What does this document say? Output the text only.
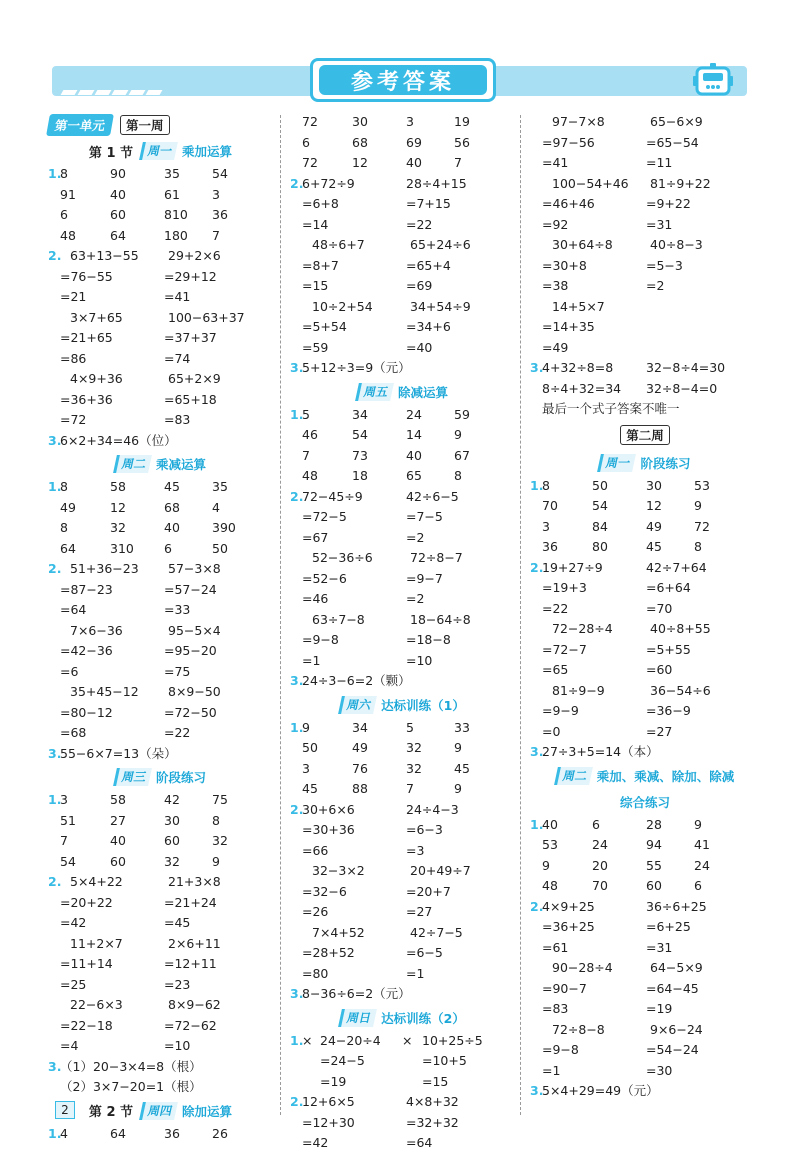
参考答案
第一单元	第一周
第 1 节	周一 乘加运算
1.
8	90	35	54
91	40	61	3
6	60	810 36
48	64	180 7
2. 63+13−55 29+2×6
=76−55	=29+12
=21	=41
3×7+65	100−63+37
=21+65	=37+37
=86	=74
4×9+36	65+2×9
=36+36	=65+18
=72	=83
3.
6×2+34=46（位）
周二 乘减运算
1.
8	58	45	35
49	12	68	4
8	32	40	390
64	310 6	50
2. 51+36−23 57−3×8
=87−23	=57−24
=64	=33
7×6−36	95−5×4
=42−36	=95−20
=6	=75
35+45−12 8×9−50
=80−12	=72−50
=68	=22
3.
55−6×7=13（朵）
周三 阶段练习
1.
3	58	42	75
51	27	30	8
7	40	60	32
54	60	32	9
2. 5×4+22	21+3×8
=20+22	=21+24
=42	=45
11+2×7	2×6+11
=11+14	=12+11
=25	=23
22−6×3	8×9−62
=22−18	=72−62
=4	=10
3.
（1）20−3×4=8（根）
（2）3×7−20=1（根）
第 2 节	周四 除加运算
1.
4	64	36	26
72	30	3	19
6	68	69	56
72	12	40	7
2.
6+72÷9	28÷4+15
=6+8	=7+15
=14	=22
48÷6+7	65+24÷6
=8+7	=65+4
=15	=69
10÷2+54	34+54÷9
=5+54	=34+6
=59	=40
3.
5+12÷3=9（元）
周五 除减运算
1.
5	34	24	59
46	54	14	9
7	73	40	67
48	18	65	8
2.
72−45÷9	42÷6−5
=72−5	=7−5
=67	=2
52−36÷6	72÷8−7
=52−6	=9−7
=46	=2
63÷7−8	18−64÷8
=9−8	=18−8
=1	=10
3.
24÷3−6=2（颗）
周六 达标训练（1）
1.
9	34	5	33
50	49	32	9
3	76	32	45
45	88	7	9
2.
30+6×6	24÷4−3
=30+36	=6−3
=66	=3
32−3×2	20+49÷7
=32−6	=20+7
=26	=27
7×4+52	42÷7−5
=28+52	=6−5
=80	=1
3.
8−36÷6=2（元）
周日 达标训练（2）
1.
× 24−20÷4 × 10+25÷5
=24−5	=10+5
=19	=15
2.
12+6×5	4×8+32
=12+30	=32+32
=42	=64
97−7×8	65−6×9
=97−56	=65−54
=41	=11
100−54+46 81÷9+22
=46+46	=9+22
=92	=31
30+64÷8	40÷8−3
=30+8	=5−3
=38	=2
14+5×7
=14+35
=49
3.
4+32÷8=8	32−8÷4=30
8÷4+32=34 32÷8−4=0
最后一个式子答案不唯一
第二周
周一 阶段练习
1.
8	50	30	53
70	54	12	9
3	84	49	72
36	80	45	8
2.
19+27÷9	42÷7+64
=19+3	=6+64
=22	=70
72−28÷4	40÷8+55
=72−7	=5+55
=65	=60
81÷9−9	36−54÷6
=9−9	=36−9
=0	=27
3.
27÷3+5=14（本）
周二 乘加、乘减、除加、除减
综合练习
1.
40	6	28	9
53	24	94	41
9	20	55	24
48	70	60	6
2.
4×9+25	36÷6+25
=36+25	=6+25
=61	=31
90−28÷4	64−5×9
=90−7	=64−45
=83	=19
72÷8−8	9×6−24
=9−8	=54−24
=1	=30
3.
5×4+29=49（元）
2
